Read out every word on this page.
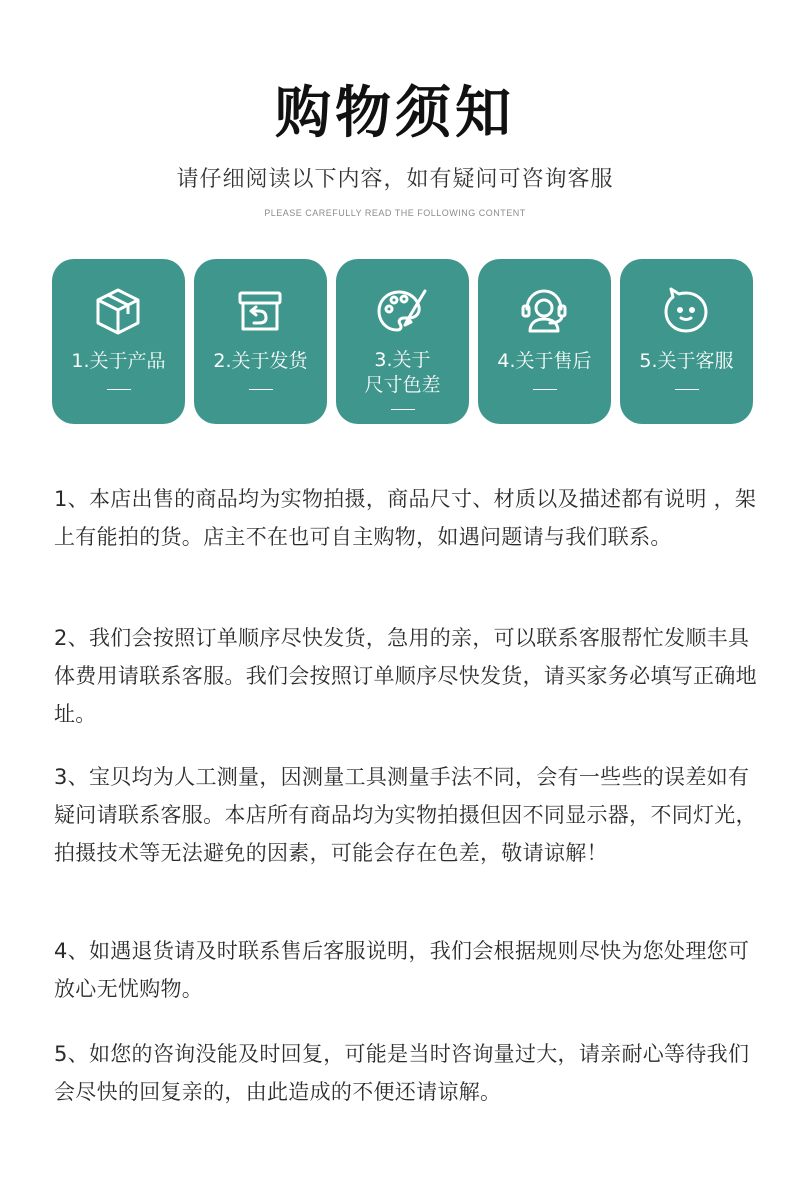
购物须知
请仔细阅读以下内容，如有疑问可咨询客服
PLEASE CAREFULLY READ THE FOLLOWING CONTENT
1.关于产品	2.关于发货	3.关于
尺寸色差
4.关于售后	5.关于客服
1、本店出售的商品均为实物拍摄，商品尺寸、材质以及描述都有说明 ，架上有能拍的货。店主不在也可自主购物，如遇问题请与我们联系。
2、我们会按照订单顺序尽快发货，急用的亲，可以联系客服帮忙发顺丰具体费用请联系客服。我们会按照订单顺序尽快发货，请买家务必填写正确地址。
3、宝贝均为人工测量，因测量工具测量手法不同，会有一些些的误差如有疑问请联系客服。本店所有商品均为实物拍摄但因不同显示器，不同灯光，拍摄技术等无法避免的因素，可能会存在色差，敬请谅解！
4、如遇退货请及时联系售后客服说明，我们会根据规则尽快为您处理您可放心无忧购物。
5、如您的咨询没能及时回复，可能是当时咨询量过大，请亲耐心等待我们会尽快的回复亲的，由此造成的不便还请谅解。
